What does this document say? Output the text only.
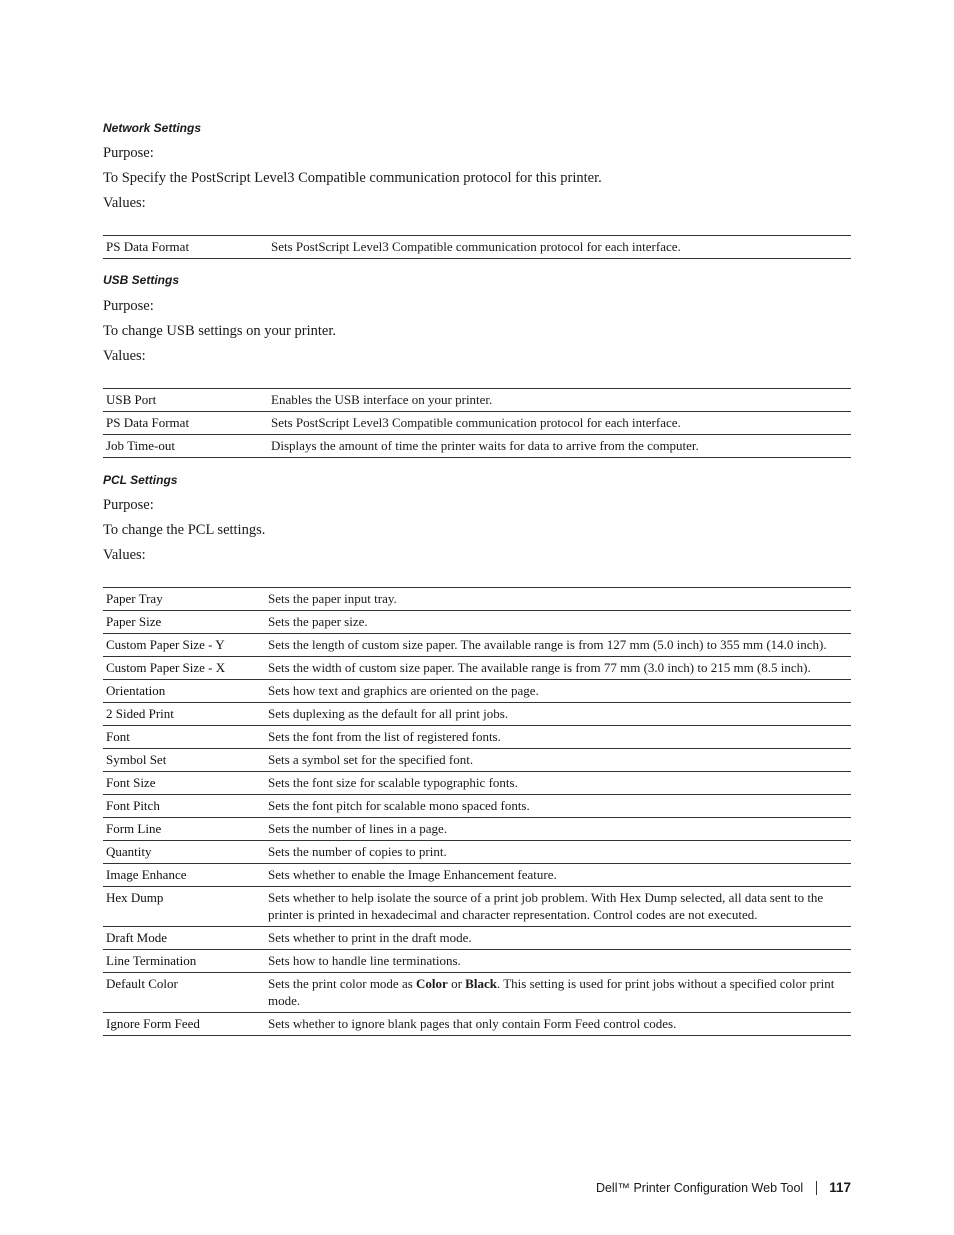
Network Settings

Purpose:

To Specify the PostScript Level3 Compatible communication protocol for this printer.

Values:

PS Data Format	Sets PostScript Level3 Compatible communication protocol for each interface.
USB Settings

Purpose:

To change USB settings on your printer.

Values:

USB Port	Enables the USB interface on your printer.
PS Data Format	Sets PostScript Level3 Compatible communication protocol for each interface.
Job Time-out	Displays the amount of time the printer waits for data to arrive from the computer.
PCL Settings

Purpose:

To change the PCL settings.

Values:

Paper Tray	Sets the paper input tray.
Paper Size	Sets the paper size.
Custom Paper Size - Y	Sets the length of custom size paper. The available range is from 127 mm (5.0 inch) to 355 mm (14.0 inch).
Custom Paper Size - X	Sets the width of custom size paper. The available range is from 77 mm (3.0 inch) to 215 mm (8.5 inch).
Orientation	Sets how text and graphics are oriented on the page.
2 Sided Print	Sets duplexing as the default for all print jobs.
Font	Sets the font from the list of registered fonts.
Symbol Set	Sets a symbol set for the specified font.
Font Size	Sets the font size for scalable typographic fonts.
Font Pitch	Sets the font pitch for scalable mono spaced fonts.
Form Line	Sets the number of lines in a page.
Quantity	Sets the number of copies to print.
Image Enhance	Sets whether to enable the Image Enhancement feature.
Hex Dump	Sets whether to help isolate the source of a print job problem. With Hex Dump selected, all data sent to the printer is printed in hexadecimal and character representation. Control codes are not executed.
Draft Mode	Sets whether to print in the draft mode.
Line Termination	Sets how to handle line terminations.
Default Color	Sets the print color mode as Color or Black. This setting is used for print jobs without a specified color print mode.
Ignore Form Feed	Sets whether to ignore blank pages that only contain Form Feed control codes.
Dell™ Printer Configuration Web Tool 117
